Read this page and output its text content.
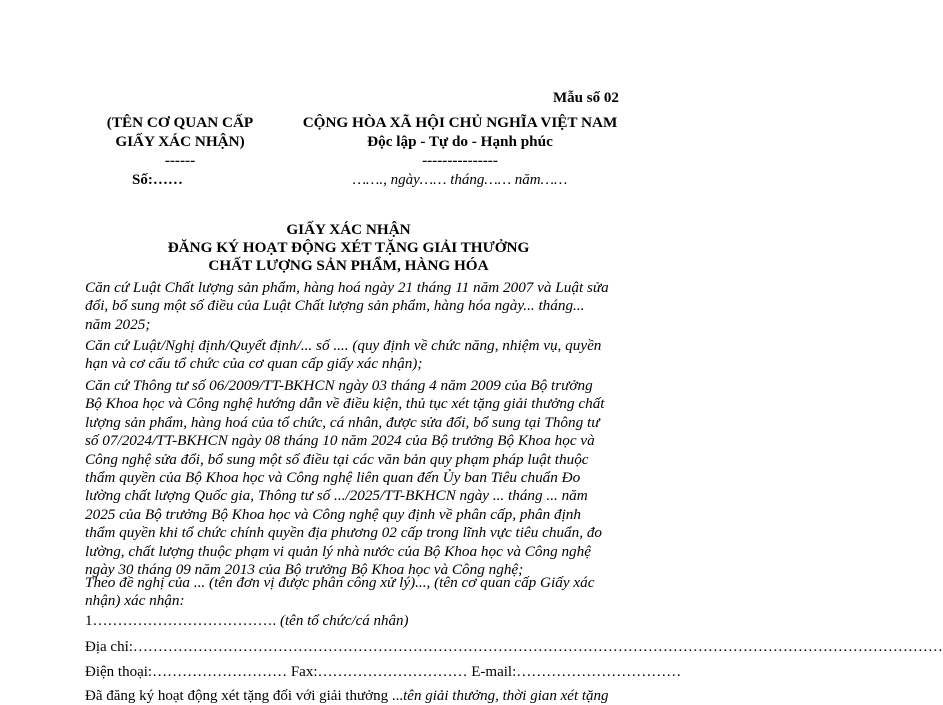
Mẫu số 02
(TÊN CƠ QUAN CẤP
GIẤY XÁC NHẬN)
------
Số:……
CỘNG HÒA XÃ HỘI CHỦ NGHĨA VIỆT NAM
Độc lập - Tự do - Hạnh phúc
---------------
……., ngày…… tháng…… năm……
GIẤY XÁC NHẬN
ĐĂNG KÝ HOẠT ĐỘNG XÉT TẶNG GIẢI THƯỞNG
CHẤT LƯỢNG SẢN PHẨM, HÀNG HÓA
Căn cứ Luật Chất lượng sản phẩm, hàng hoá ngày 21 tháng 11 năm 2007 và Luật sửa đổi, bổ sung một số điều của Luật Chất lượng sản phẩm, hàng hóa ngày... tháng... năm 2025;
Căn cứ Luật/Nghị định/Quyết định/... số .... (quy định về chức năng, nhiệm vụ, quyền hạn và cơ cấu tổ chức của cơ quan cấp giấy xác nhận);
Căn cứ Thông tư số 06/2009/TT-BKHCN ngày 03 tháng 4 năm 2009 của Bộ trưởng Bộ Khoa học và Công nghệ hướng dẫn về điều kiện, thủ tục xét tặng giải thưởng chất lượng sản phẩm, hàng hoá của tổ chức, cá nhân, được sửa đổi, bổ sung tại Thông tư số 07/2024/TT-BKHCN ngày 08 tháng 10 năm 2024 của Bộ trưởng Bộ Khoa học và Công nghệ sửa đổi, bổ sung một số điều tại các văn bản quy phạm pháp luật thuộc thẩm quyền của Bộ Khoa học và Công nghệ liên quan đến Ủy ban Tiêu chuẩn Đo lường chất lượng Quốc gia, Thông tư số .../2025/TT-BKHCN ngày ... tháng ... năm 2025 của Bộ trưởng Bộ Khoa học và Công nghệ quy định về phân cấp, phân định thẩm quyền khi tổ chức chính quyền địa phương 02 cấp trong lĩnh vực tiêu chuẩn, đo lường, chất lượng thuộc phạm vi quản lý nhà nước của Bộ Khoa học và Công nghệ ngày 30 tháng 09 năm 2013 của Bộ trưởng Bộ Khoa học và Công nghệ;
Theo đề nghị của ... (tên đơn vị được phân công xử lý)..., (tên cơ quan cấp Giấy xác nhận) xác nhận:
1………………………………. (tên tổ chức/cá nhân)
Địa chỉ:………………………………………………………………………………………………………………………………………………
Điện thoại:……………………… Fax:………………………… E-mail:……………………………
Đã đăng ký hoạt động xét tặng đối với giải thưởng ...tên giải thưởng, thời gian xét tặng
